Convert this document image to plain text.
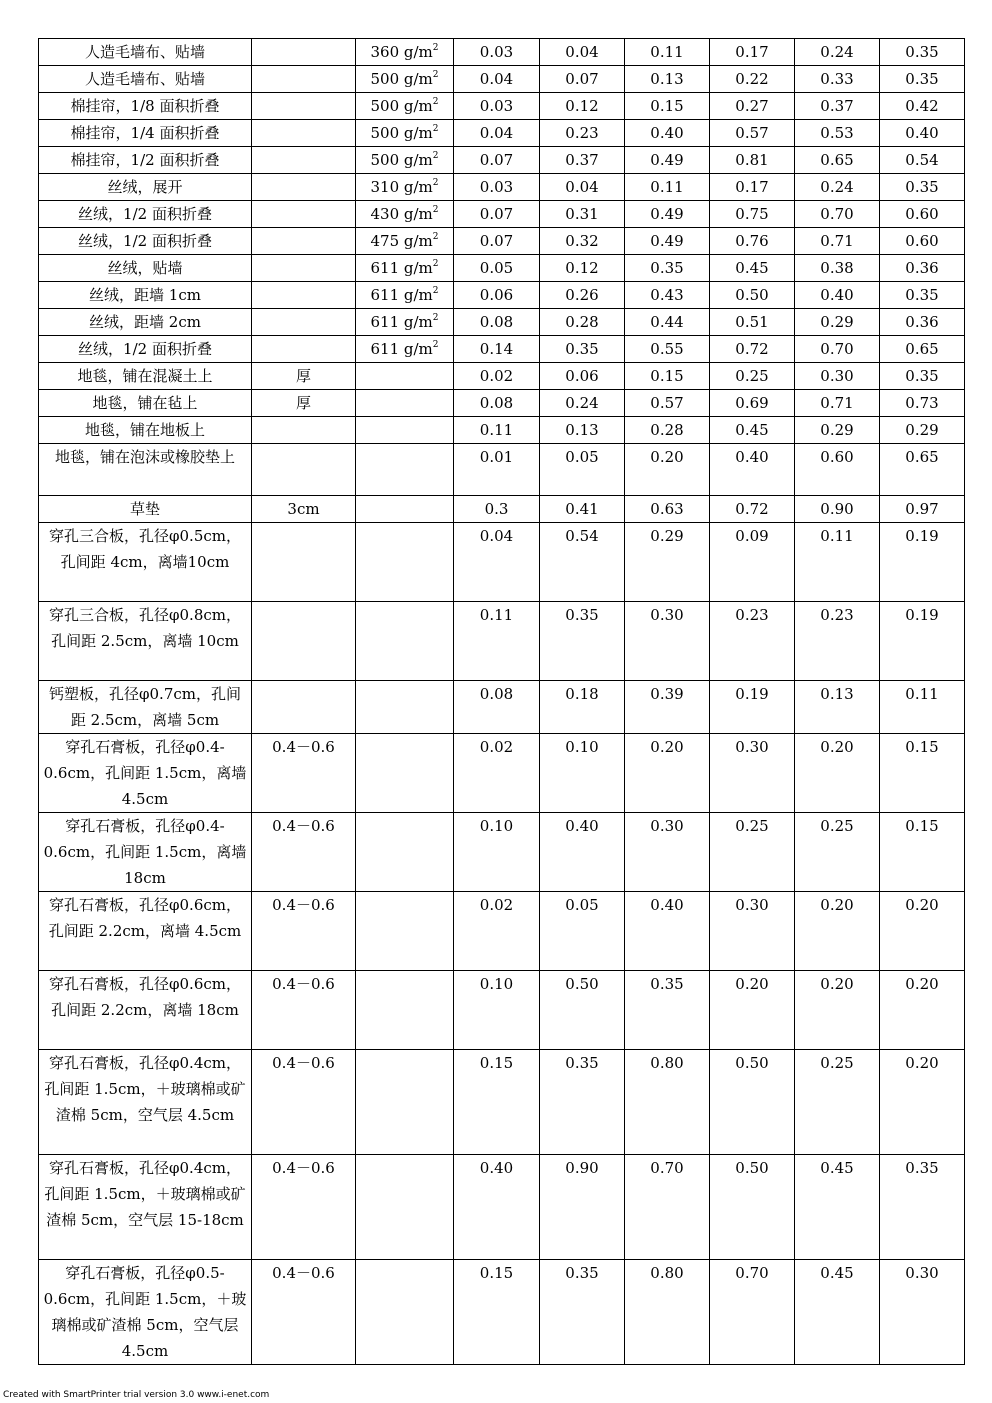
人造毛墙布、贴墙		360 $g/m^2$	0.03	0.04	0.11	0.17	0.24	0.35
人造毛墙布、贴墙		500 $g/m^2$	0.04	0.07	0.13	0.22	0.33	0.35
棉挂帘，1/8 面积折叠		500 $g/m^2$	0.03	0.12	0.15	0.27	0.37	0.42
棉挂帘，1/4 面积折叠		500 $g/m^2$	0.04	0.23	0.40	0.57	0.53	0.40
棉挂帘，1/2 面积折叠		500 $g/m^2$	0.07	0.37	0.49	0.81	0.65	0.54
丝绒，展开		310 $g/m^2$	0.03	0.04	0.11	0.17	0.24	0.35
丝绒，1/2 面积折叠		430 $g/m^2$	0.07	0.31	0.49	0.75	0.70	0.60
丝绒，1/2 面积折叠		475 $g/m^2$	0.07	0.32	0.49	0.76	0.71	0.60
丝绒，贴墙		611 $g/m^2$	0.05	0.12	0.35	0.45	0.38	0.36
丝绒，距墙 1cm		611 $g/m^2$	0.06	0.26	0.43	0.50	0.40	0.35
丝绒，距墙 2cm		611 $g/m^2$	0.08	0.28	0.44	0.51	0.29	0.36
丝绒，1/2 面积折叠		611 $g/m^2$	0.14	0.35	0.55	0.72	0.70	0.65
地毯，铺在混凝土上	厚		0.02	0.06	0.15	0.25	0.30	0.35
地毯，铺在毡上	厚		0.08	0.24	0.57	0.69	0.71	0.73
地毯，铺在地板上			0.11	0.13	0.28	0.45	0.29	0.29
地毯，铺在泡沫或橡胶垫上			0.01	0.05	0.20	0.40	0.60	0.65
草垫	3cm		0.3	0.41	0.63	0.72	0.90	0.97
穿孔三合板，孔径φ0.5cm，孔间距 4cm，离墙10cm			0.04	0.54	0.29	0.09	0.11	0.19
穿孔三合板，孔径φ0.8cm，孔间距 2.5cm，离墙 10cm			0.11	0.35	0.30	0.23	0.23	0.19
钙塑板，孔径φ0.7cm，孔间距 2.5cm，离墙 5cm			0.08	0.18	0.39	0.19	0.13	0.11
穿孔石膏板，孔径φ0.4-0.6cm，孔间距 1.5cm，离墙 4.5cm	0.4－0.6		0.02	0.10	0.20	0.30	0.20	0.15
穿孔石膏板，孔径φ0.4-0.6cm，孔间距 1.5cm，离墙 18cm	0.4－0.6		0.10	0.40	0.30	0.25	0.25	0.15
穿孔石膏板，孔径φ0.6cm，孔间距 2.2cm，离墙 4.5cm	0.4－0.6		0.02	0.05	0.40	0.30	0.20	0.20
穿孔石膏板，孔径φ0.6cm，孔间距 2.2cm，离墙 18cm	0.4－0.6		0.10	0.50	0.35	0.20	0.20	0.20
穿孔石膏板，孔径φ0.4cm，孔间距 1.5cm，＋玻璃棉或矿渣棉 5cm，空气层 4.5cm	0.4－0.6		0.15	0.35	0.80	0.50	0.25	0.20
穿孔石膏板，孔径φ0.4cm，孔间距 1.5cm，＋玻璃棉或矿渣棉 5cm，空气层 15-18cm	0.4－0.6		0.40	0.90	0.70	0.50	0.45	0.35
穿孔石膏板，孔径φ0.5-0.6cm，孔间距 1.5cm，＋玻璃棉或矿渣棉 5cm，空气层 4.5cm	0.4－0.6		0.15	0.35	0.80	0.70	0.45	0.30
Created with SmartPrinter trial version 3.0 www.i-enet.com
